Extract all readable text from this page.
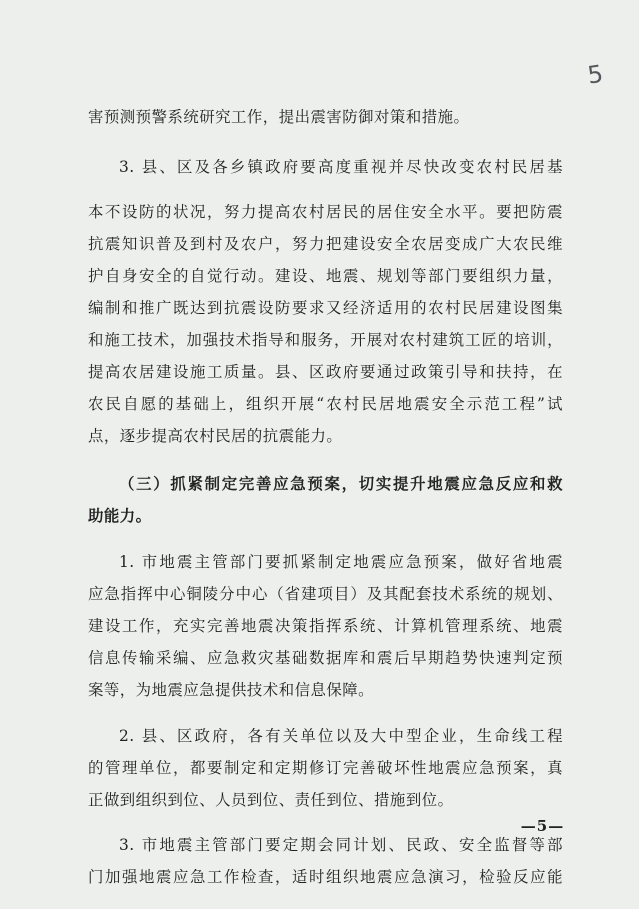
5
害预测预警系统研究工作，提出震害防御对策和措施。
3. 县、区及各乡镇政府要高度重视并尽快改变农村民居基
本不设防的状况，努力提高农村居民的居住安全水平。要把防震
抗震知识普及到村及农户，努力把建设安全农居变成广大农民维
护自身安全的自觉行动。建设、地震、规划等部门要组织力量，
编制和推广既达到抗震设防要求又经济适用的农村民居建设图集
和施工技术，加强技术指导和服务，开展对农村建筑工匠的培训，
提高农居建设施工质量。县、区政府要通过政策引导和扶持，在
农民自愿的基础上，组织开展“农村民居地震安全示范工程”试
点，逐步提高农村民居的抗震能力。
（三）抓紧制定完善应急预案，切实提升地震应急反应和救
助能力。
1. 市地震主管部门要抓紧制定地震应急预案，做好省地震
应急指挥中心铜陵分中心（省建项目）及其配套技术系统的规划、
建设工作，充实完善地震决策指挥系统、计算机管理系统、地震
信息传输采编、应急救灾基础数据库和震后早期趋势快速判定预
案等，为地震应急提供技术和信息保障。
2. 县、区政府，各有关单位以及大中型企业，生命线工程
的管理单位，都要制定和定期修订完善破坏性地震应急预案，真
正做到组织到位、人员到位、责任到位、措施到位。
3. 市地震主管部门要定期会同计划、民政、安全监督等部
门加强地震应急工作检查，适时组织地震应急演习，检验反应能
—5—
